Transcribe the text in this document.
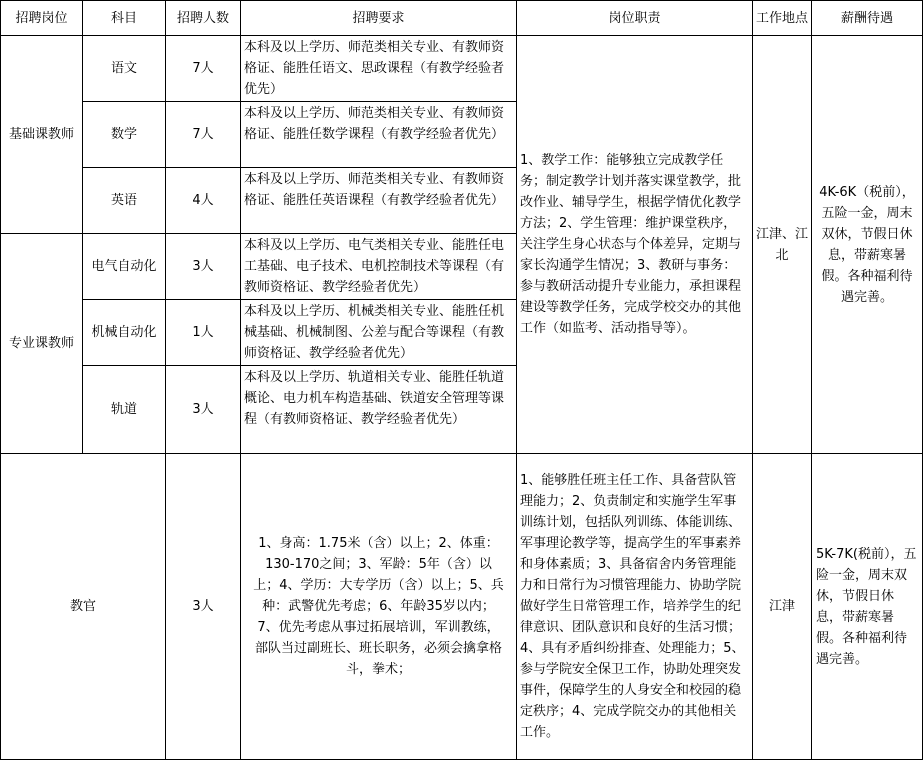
招聘岗位	科目	招聘人数	招聘要求	岗位职责	工作地点	薪酬待遇
基础课教师	语文	7人	本科及以上学历、师范类相关专业、有教师资格证、能胜任语文、思政课程（有教学经验者优先）	1、教学工作：能够独立完成教学任务；制定教学计划并落实课堂教学，批改作业、辅导学生，根据学情优化教学方法；2、学生管理：维护课堂秩序，关注学生身心状态与个体差异，定期与家长沟通学生情况；3、教研与事务：参与教研活动提升专业能力，承担课程建设等教学任务，完成学校交办的其他工作（如监考、活动指导等）。	江津、江北	4K-6K（税前），五险一金，周末双休，节假日休息，带薪寒暑假。各种福利待遇完善。
	数学	7人	本科及以上学历、师范类相关专业、有教师资格证、能胜任数学课程（有教学经验者优先）			
	英语	4人	本科及以上学历、师范类相关专业、有教师资格证、能胜任英语课程（有教学经验者优先）			
专业课教师	电气自动化	3人	本科及以上学历、电气类相关专业、能胜任电工基础、电子技术、电机控制技术等课程（有教师资格证、教学经验者优先）			
	机械自动化	1人	本科及以上学历、机械类相关专业、能胜任机械基础、机械制图、公差与配合等课程（有教师资格证、教学经验者优先）			
	轨道	3人	本科及以上学历、轨道相关专业、能胜任轨道概论、电力机车构造基础、铁道安全管理等课程（有教师资格证、教学经验者优先）			
教官		3人	1、身高：1.75米（含）以上；2、体重：130-170之间；3、军龄：5年（含）以上；4、学历：大专学历（含）以上；5、兵种：武警优先考虑；6、年龄35岁以内；7、优先考虑从事过拓展培训，军训教练，部队当过副班长、班长职务，必须会擒拿格斗，拳术；	1、能够胜任班主任工作、具备营队管理能力；2、负责制定和实施学生军事训练计划，包括队列训练、体能训练、军事理论教学等，提高学生的军事素养和身体素质；3、具备宿舍内务管理能力和日常行为习惯管理能力、协助学院做好学生日常管理工作，培养学生的纪律意识、团队意识和良好的生活习惯；4、具有矛盾纠纷排查、处理能力；5、参与学院安全保卫工作，协助处理突发事件，保障学生的人身安全和校园的稳定秩序；4、完成学院交办的其他相关工作。	江津	5K-7K(税前），五险一金，周末双休，节假日休息，带薪寒暑假。各种福利待遇完善。
